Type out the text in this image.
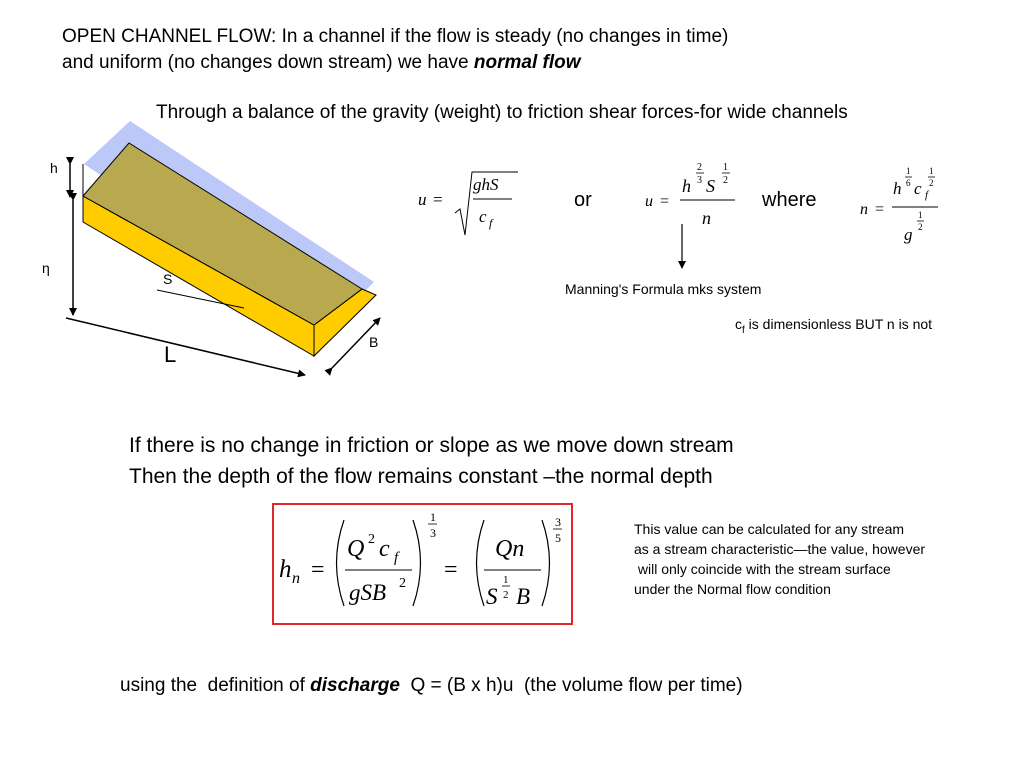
OPEN CHANNEL FLOW: In a channel if the flow is steady (no changes in time)
and uniform (no changes down stream) we have normal flow
Through a balance of the gravity (weight) to friction shear forces-for wide channels
u =
ghS
c f
u =
h
2
3 S
1
2
n	n =
h
1
6 c f
1
2
g
1
2
h n =
Q 2 c f
gSB 2
1
3
=
Qn
S
1
2 B
3
5
h
η
S
L	B
or	where
Manning's Formula mks system
$c_f$ is dimensionless BUT n is not
If there is no change in friction or slope as we move down stream
Then the depth of the flow remains constant –the normal depth
This value can be calculated for any stream
as a stream characteristic—the value, however
will only coincide with the stream surface
under the Normal flow condition
using the  definition of discharge  Q = (B x h)u  (the volume flow per time)
